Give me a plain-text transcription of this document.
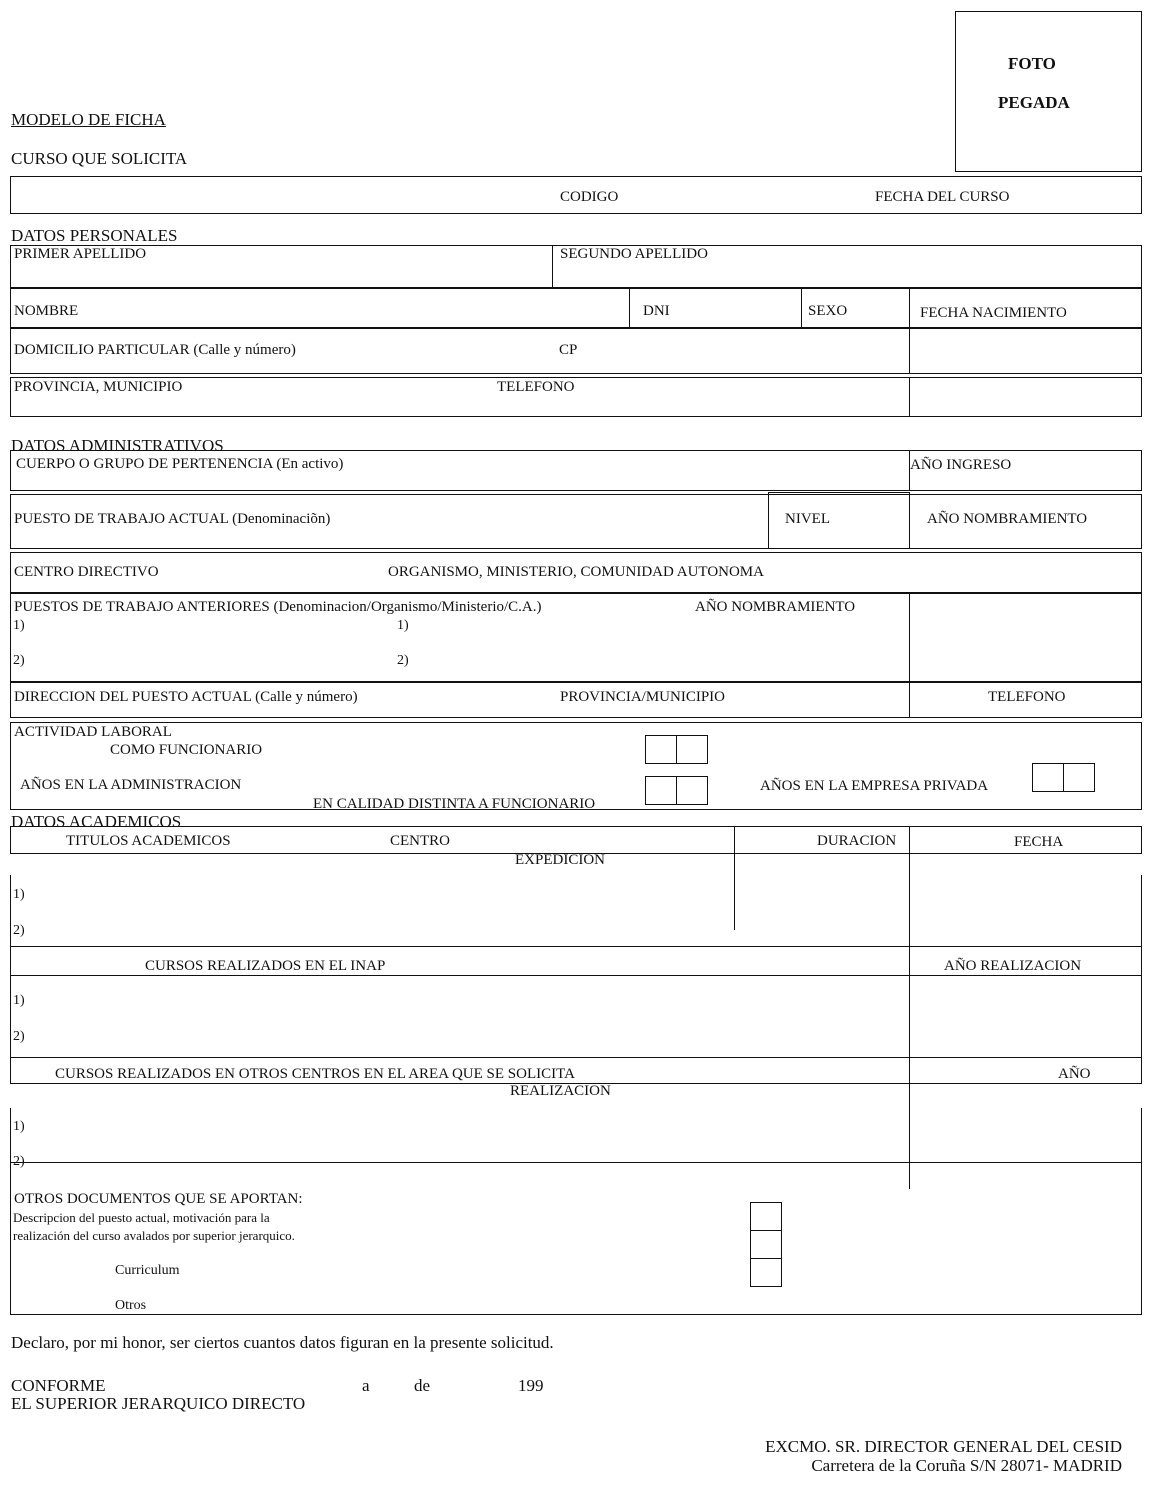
FOTO
PEGADA
MODELO DE FICHA
CURSO QUE SOLICITA
CODIGO	FECHA DEL CURSO
DATOS PERSONALES
PRIMER APELLIDO	SEGUNDO APELLIDO
NOMBRE	DNI	SEXO	FECHA NACIMIENTO
DOMICILIO PARTICULAR (Calle y número)	CP
PROVINCIA, MUNICIPIO	TELEFONO
DATOS ADMINISTRATIVOS
CUERPO O GRUPO DE PERTENENCIA (En activo)	AÑO INGRESO
PUESTO DE TRABAJO ACTUAL (Denominaciõn)	NIVEL	AÑO NOMBRAMIENTO
CENTRO DIRECTIVO	ORGANISMO, MINISTERIO, COMUNIDAD AUTONOMA
PUESTOS DE TRABAJO ANTERIORES (Denominacion/Organismo/Ministerio/C.A.)	AÑO NOMBRAMIENTO
1)	1)
2)	2)
DIRECCION DEL PUESTO ACTUAL (Calle y número)	PROVINCIA/MUNICIPIO	TELEFONO
ACTIVIDAD LABORAL
COMO FUNCIONARIO
AÑOS EN LA ADMINISTRACION	AÑOS EN LA EMPRESA PRIVADA
EN CALIDAD DISTINTA A FUNCIONARIO
DATOS ACADEMICOS
TITULOS ACADEMICOS	CENTRO	DURACION	FECHA
EXPEDICION
1)
2)
CURSOS REALIZADOS EN EL INAP	AÑO REALIZACION
1)
2)
CURSOS REALIZADOS EN OTROS CENTROS EN EL AREA QUE SE SOLICITA	AÑO
REALIZACION
1)
2)
OTROS DOCUMENTOS QUE SE APORTAN:
Descripcion del puesto actual, motivación para la
realización del curso avalados por superior jerarquico.
Curriculum
Otros
Declaro, por mi honor, ser ciertos cuantos datos figuran en la presente solicitud.
CONFORME	a	de	199
EL SUPERIOR JERARQUICO DIRECTO
EXCMO. SR. DIRECTOR GENERAL DEL CESID
Carretera de la Coruña S/N 28071- MADRID
